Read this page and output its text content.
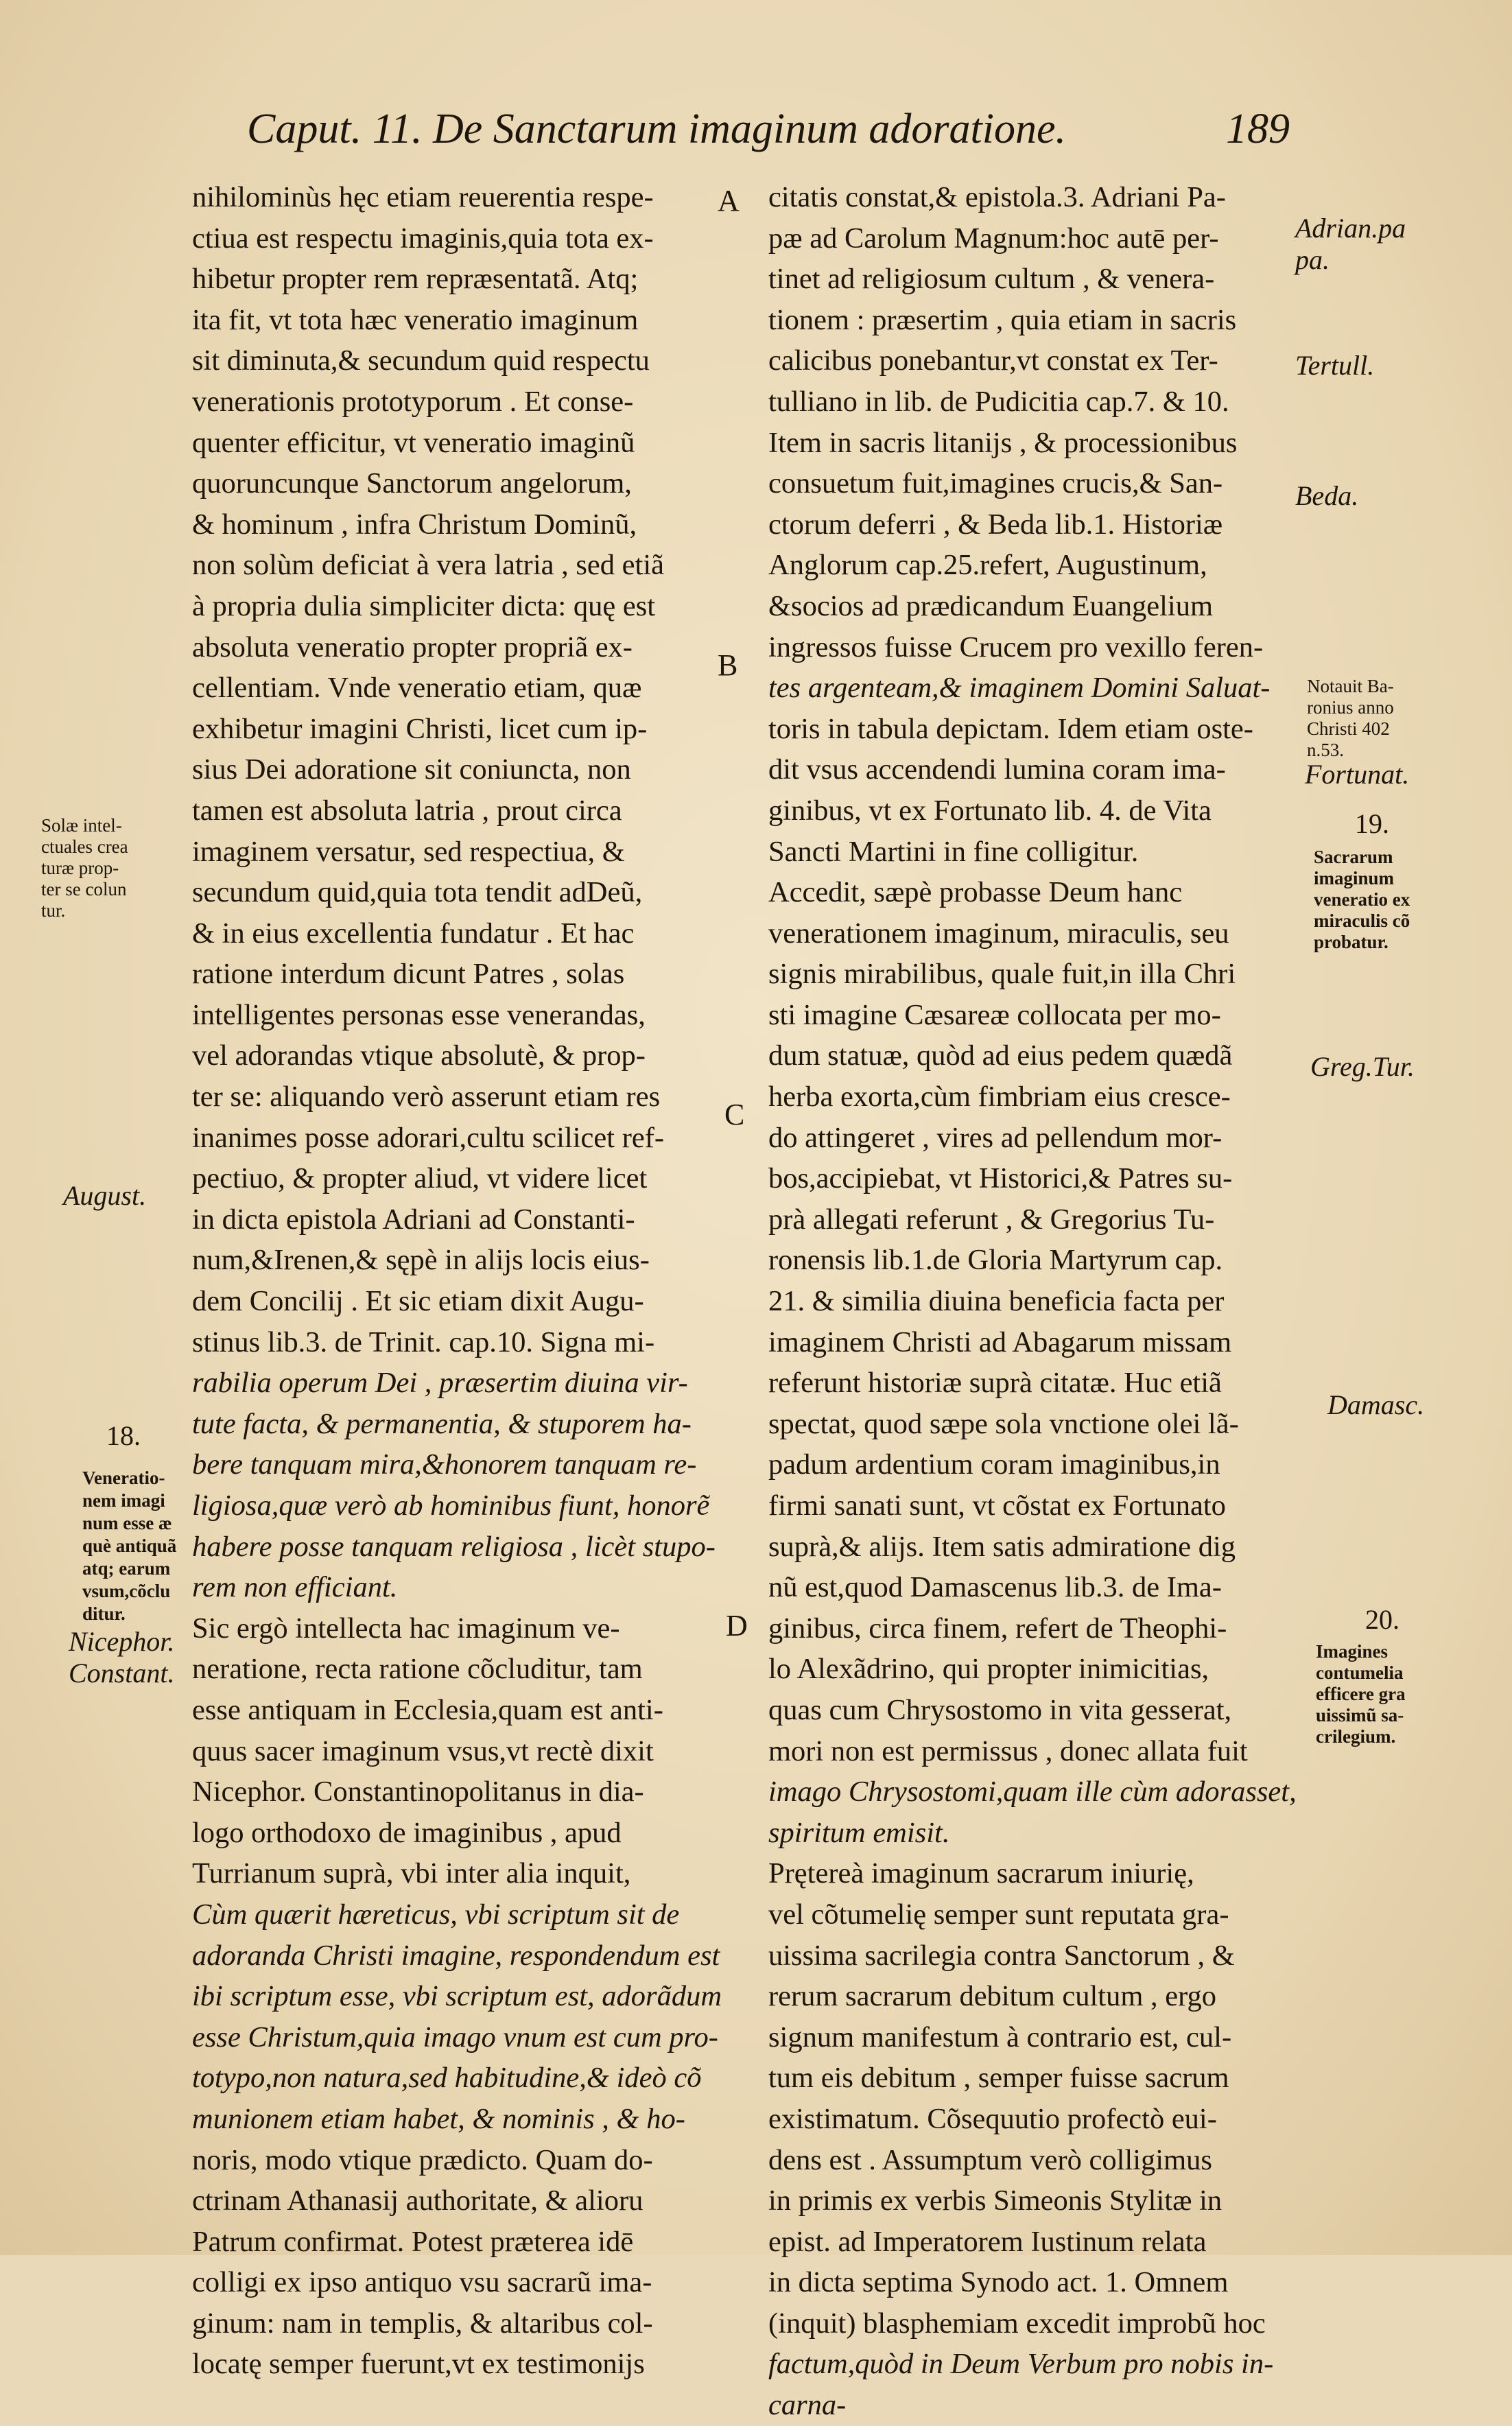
Caput. 11. De Sanctarum imaginum adoratione.	189
nihilominùs hęc etiam reuerentia respe-
ctiua est respectu imaginis,quia tota ex-
hibetur propter rem repræsentatã. Atq;
ita fit, vt tota hæc veneratio imaginum
sit diminuta,& secundum quid respectu
venerationis prototyporum . Et conse-
quenter efficitur, vt veneratio imaginũ
quoruncunque Sanctorum angelorum,
& hominum , infra Christum Dominũ,
non solùm deficiat à vera latria , sed etiã
à propria dulia simpliciter dicta: quę est
absoluta veneratio propter propriã ex-
cellentiam. Vnde veneratio etiam, quæ
exhibetur imagini Christi, licet cum ip-
sius Dei adoratione sit coniuncta, non
tamen est absoluta latria , prout circa
imaginem versatur, sed respectiua, &
secundum quid,quia tota tendit adDeũ,
& in eius excellentia fundatur . Et hac
ratione interdum dicunt Patres , solas
intelligentes personas esse venerandas,
vel adorandas vtique absolutè, & prop-
ter se: aliquando verò asserunt etiam res
inanimes posse adorari,cultu scilicet ref-
pectiuo, & propter aliud, vt videre licet
in dicta epistola Adriani ad Constanti-
num,&Irenen,& sępè in alijs locis eius-
dem Concilij . Et sic etiam dixit Augu-
stinus lib.3. de Trinit. cap.10. Signa mi-
rabilia operum Dei , præsertim diuina vir-
tute facta, & permanentia, & stuporem ha-
bere tanquam mira,&honorem tanquam re-
ligiosa,quæ verò ab hominibus fiunt, honorẽ
habere posse tanquam religiosa , licèt stupo-
rem non efficiant.
Sic ergò intellecta hac imaginum ve-
neratione, recta ratione cõcluditur, tam
esse antiquam in Ecclesia,quam est anti-
quus sacer imaginum vsus,vt rectè dixit
Nicephor. Constantinopolitanus in dia-
logo orthodoxo de imaginibus , apud
Turrianum suprà, vbi inter alia inquit,
Cùm quærit hæreticus, vbi scriptum sit de
adoranda Christi imagine, respondendum est
ibi scriptum esse, vbi scriptum est, adorãdum
esse Christum,quia imago vnum est cum pro-
totypo,non natura,sed habitudine,& ideò cõ
munionem etiam habet, & nominis , & ho-
noris, modo vtique prædicto. Quam do-
ctrinam Athanasij authoritate, & alioru
Patrum confirmat. Potest præterea idē
colligi ex ipso antiquo vsu sacrarũ ima-
ginum: nam in templis, & altaribus col-
locatę semper fuerunt,vt ex testimonijs
citatis constat,& epistola.3. Adriani Pa-
pæ ad Carolum Magnum:hoc autē per-
tinet ad religiosum cultum , & venera-
tionem : præsertim , quia etiam in sacris
calicibus ponebantur,vt constat ex Ter-
tulliano in lib. de Pudicitia cap.7. & 10.
Item in sacris litanijs , & processionibus
consuetum fuit,imagines crucis,& San-
ctorum deferri , & Beda lib.1. Historiæ
Anglorum cap.25.refert, Augustinum,
&socios ad prædicandum Euangelium
ingressos fuisse Crucem pro vexillo feren-
tes argenteam,& imaginem Domini Saluat-
toris in tabula depictam. Idem etiam oste-
dit vsus accendendi lumina coram ima-
ginibus, vt ex Fortunato lib. 4. de Vita
Sancti Martini in fine colligitur.
Accedit, sæpè probasse Deum hanc
venerationem imaginum, miraculis, seu
signis mirabilibus, quale fuit,in illa Chri
sti imagine Cæsareæ collocata per mo-
dum statuæ, quòd ad eius pedem quædã
herba exorta,cùm fimbriam eius cresce-
do attingeret , vires ad pellendum mor-
bos,accipiebat, vt Historici,& Patres su-
prà allegati referunt , & Gregorius Tu-
ronensis lib.1.de Gloria Martyrum cap.
21. & similia diuina beneficia facta per
imaginem Christi ad Abagarum missam
referunt historiæ suprà citatæ. Huc etiã
spectat, quod sæpe sola vnctione olei lã-
padum ardentium coram imaginibus,in
firmi sanati sunt, vt cõstat ex Fortunato
suprà,& alijs. Item satis admiratione dig
nũ est,quod Damascenus lib.3. de Ima-
ginibus, circa finem, refert de Theophi-
lo Alexãdrino, qui propter inimicitias,
quas cum Chrysostomo in vita gesserat,
mori non est permissus , donec allata fuit
imago Chrysostomi,quam ille cùm adorasset,
spiritum emisit.
Prętereà imaginum sacrarum iniurię,
vel cõtumelię semper sunt reputata gra-
uissima sacrilegia contra Sanctorum , &
rerum sacrarum debitum cultum , ergo
signum manifestum à contrario est, cul-
tum eis debitum , semper fuisse sacrum
existimatum. Cõsequutio profectò eui-
dens est . Assumptum verò colligimus
in primis ex verbis Simeonis Stylitæ in
epist. ad Imperatorem Iustinum relata
in dicta septima Synodo act. 1. Omnem
(inquit) blasphemiam excedit improbũ hoc
factum,quòd in Deum Verbum pro nobis in-
carna-
A
B
C
D
Solæ intel-
ctuales crea
turæ prop-
ter se colun
tur.
August.
18.
Veneratio-
nem imagi
num esse æ
què antiquã
atq; earum
vsum,cõclu
ditur.
Nicephor.
Constant.
Adrian.pa
pa.
Tertull.
Beda.
Notauit Ba-
ronius anno
Christi 402
n.53.
Fortunat.
19.
Sacrarum
imaginum
veneratio ex
miraculis cõ
probatur.
Greg.Tur.
Damasc.
20.
Imagines
contumelia
efficere gra
uissimũ sa-
crilegium.
